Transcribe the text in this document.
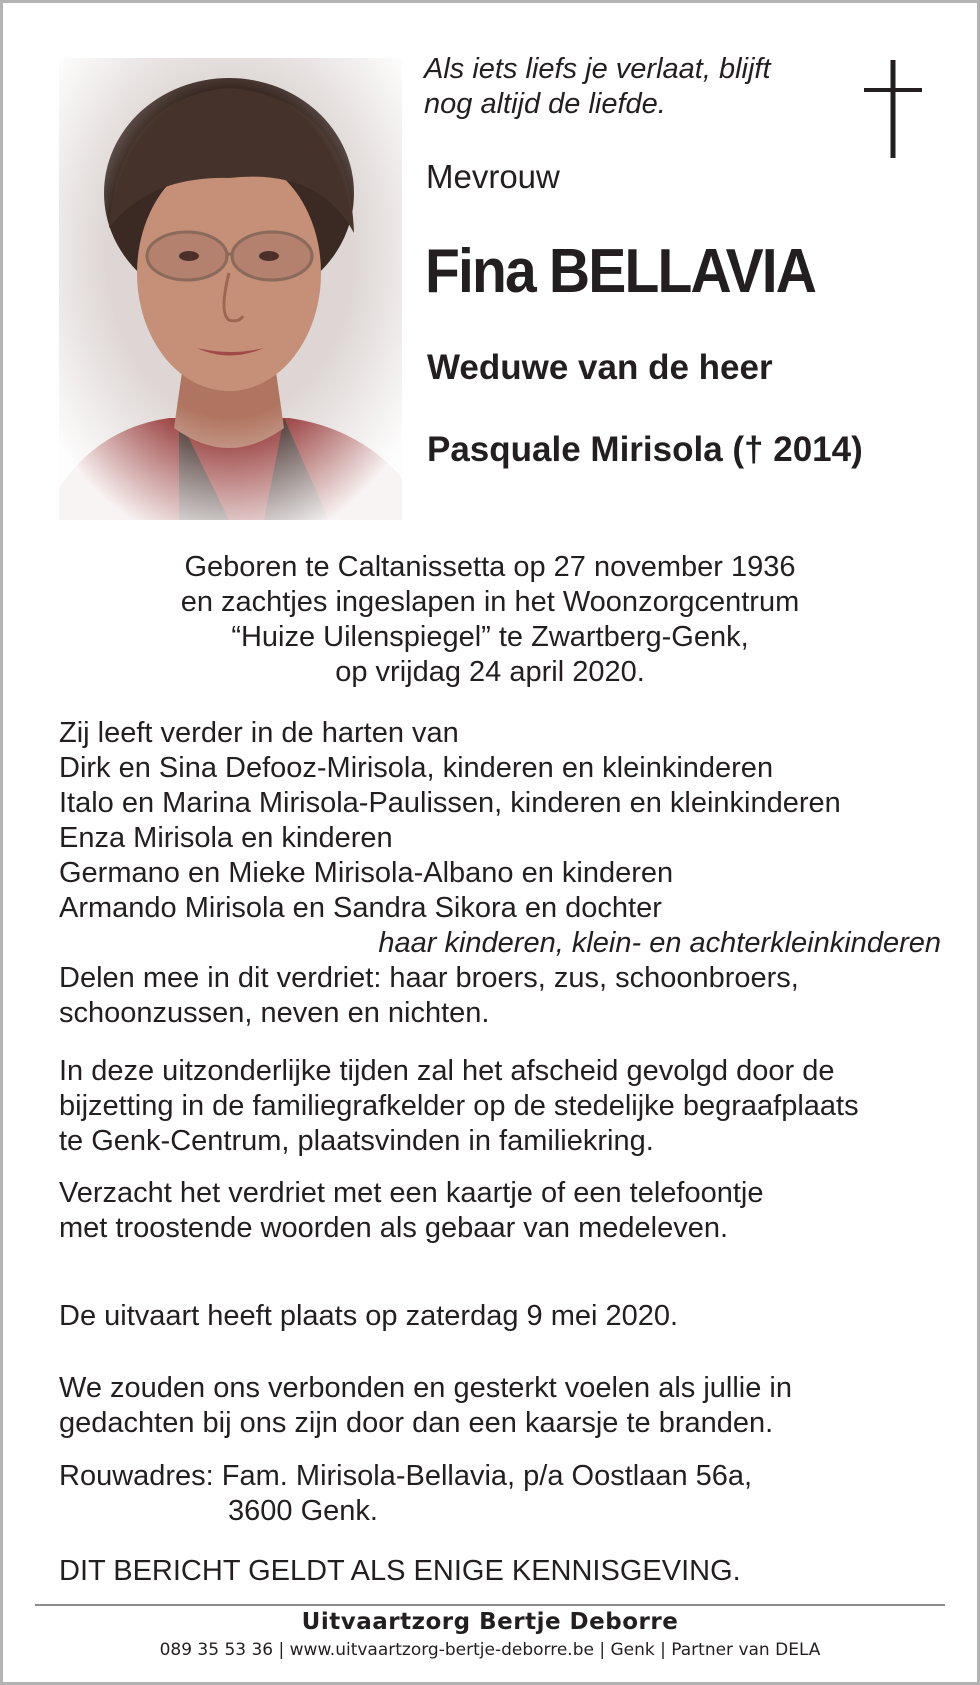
Als iets liefs je verlaat, blijft
nog altijd de liefde.
Mevrouw
Fina BELLAVIA
Weduwe van de heer
Pasquale Mirisola († 2014)
Geboren te Caltanissetta op 27 november 1936
en zachtjes ingeslapen in het Woonzorgcentrum
“Huize Uilenspiegel” te Zwartberg-Genk,
op vrijdag 24 april 2020.
Zij leeft verder in de harten van
Dirk en Sina Defooz-Mirisola, kinderen en kleinkinderen
Italo en Marina Mirisola-Paulissen, kinderen en kleinkinderen
Enza Mirisola en kinderen
Germano en Mieke Mirisola-Albano en kinderen
Armando Mirisola en Sandra Sikora en dochter
haar kinderen, klein- en achterkleinkinderen
Delen mee in dit verdriet: haar broers, zus, schoonbroers,
schoonzussen, neven en nichten.
In deze uitzonderlijke tijden zal het afscheid gevolgd door de
bijzetting in de familiegrafkelder op de stedelijke begraafplaats
te Genk-Centrum, plaatsvinden in familiekring.
Verzacht het verdriet met een kaartje of een telefoontje
met troostende woorden als gebaar van medeleven.
De uitvaart heeft plaats op zaterdag 9 mei 2020.
We zouden ons verbonden en gesterkt voelen als jullie in
gedachten bij ons zijn door dan een kaarsje te branden.
Rouwadres: Fam. Mirisola-Bellavia, p/a Oostlaan 56a,
3600 Genk.
DIT BERICHT GELDT ALS ENIGE KENNISGEVING.
Uitvaartzorg Bertje Deborre
089 35 53 36 | www.uitvaartzorg-bertje-deborre.be | Genk | Partner van DELA
